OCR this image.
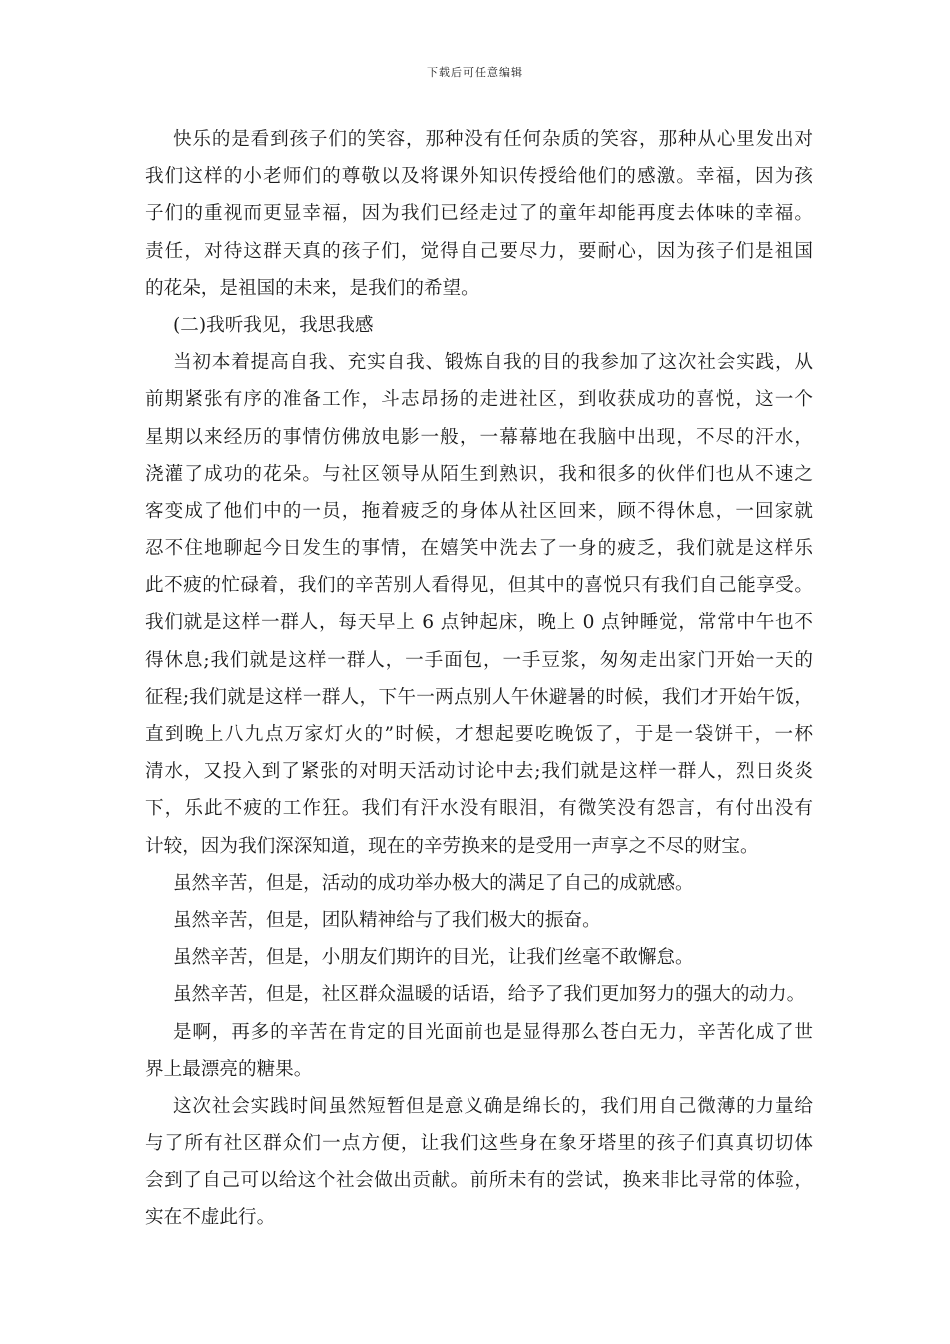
下载后可任意编辑
快乐的是看到孩子们的笑容，那种没有任何杂质的笑容，那种从心里发出对
我们这样的小老师们的尊敬以及将课外知识传授给他们的感激。幸福，因为孩
子们的重视而更显幸福，因为我们已经走过了的童年却能再度去体味的幸福。
责任，对待这群天真的孩子们，觉得自己要尽力，要耐心，因为孩子们是祖国
的花朵，是祖国的未来，是我们的希望。
(二)我听我见，我思我感
当初本着提高自我、充实自我、锻炼自我的目的我参加了这次社会实践，从
前期紧张有序的准备工作，斗志昂扬的走进社区，到收获成功的喜悦，这一个
星期以来经历的事情仿佛放电影一般，一幕幕地在我脑中出现，不尽的汗水，
浇灌了成功的花朵。与社区领导从陌生到熟识，我和很多的伙伴们也从不速之
客变成了他们中的一员，拖着疲乏的身体从社区回来，顾不得休息，一回家就
忍不住地聊起今日发生的事情，在嬉笑中洗去了一身的疲乏，我们就是这样乐
此不疲的忙碌着，我们的辛苦别人看得见，但其中的喜悦只有我们自己能享受。
我们就是这样一群人，每天早上 6 点钟起床，晚上 0 点钟睡觉，常常中午也不
得休息;我们就是这样一群人，一手面包，一手豆浆，匆匆走出家门开始一天的
征程;我们就是这样一群人，下午一两点别人午休避暑的时候，我们才开始午饭，
直到晚上八九点万家灯火的”时候，才想起要吃晚饭了，于是一袋饼干，一杯
清水，又投入到了紧张的对明天活动讨论中去;我们就是这样一群人，烈日炎炎
下，乐此不疲的工作狂。我们有汗水没有眼泪，有微笑没有怨言，有付出没有
计较，因为我们深深知道，现在的辛劳换来的是受用一声享之不尽的财宝。
虽然辛苦，但是，活动的成功举办极大的满足了自己的成就感。
虽然辛苦，但是，团队精神给与了我们极大的振奋。
虽然辛苦，但是，小朋友们期许的目光，让我们丝毫不敢懈怠。
虽然辛苦，但是，社区群众温暖的话语，给予了我们更加努力的强大的动力。
是啊，再多的辛苦在肯定的目光面前也是显得那么苍白无力，辛苦化成了世
界上最漂亮的糖果。
这次社会实践时间虽然短暂但是意义确是绵长的，我们用自己微薄的力量给
与了所有社区群众们一点方便，让我们这些身在象牙塔里的孩子们真真切切体
会到了自己可以给这个社会做出贡献。前所未有的尝试，换来非比寻常的体验，
实在不虚此行。
